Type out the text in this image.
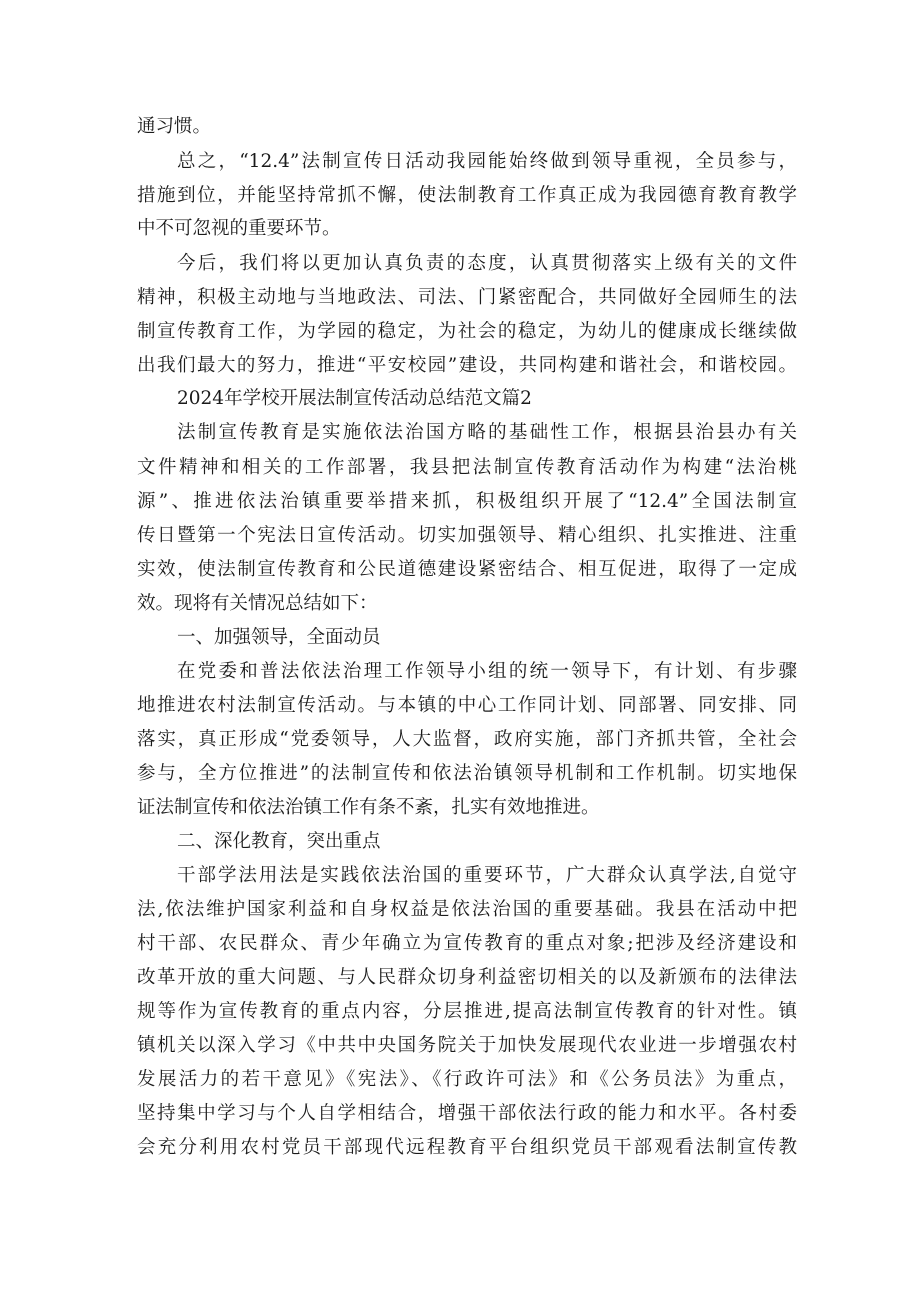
通习惯。
总之，“12.4”法制宣传日活动我园能始终做到领导重视，全员参与，
措施到位，并能坚持常抓不懈，使法制教育工作真正成为我园德育教育教学
中不可忽视的重要环节。
今后，我们将以更加认真负责的态度，认真贯彻落实上级有关的文件
精神，积极主动地与当地政法、司法、门紧密配合，共同做好全园师生的法
制宣传教育工作，为学园的稳定，为社会的稳定，为幼儿的健康成长继续做
出我们最大的努力，推进“平安校园”建设，共同构建和谐社会，和谐校园。
2024年学校开展法制宣传活动总结范文篇2
法制宣传教育是实施依法治国方略的基础性工作，根据县治县办有关
文件精神和相关的工作部署，我县把法制宣传教育活动作为构建“法治桃
源”、推进依法治镇重要举措来抓，积极组织开展了“12.4”全国法制宣
传日暨第一个宪法日宣传活动。切实加强领导、精心组织、扎实推进、注重
实效，使法制宣传教育和公民道德建设紧密结合、相互促进，取得了一定成
效。现将有关情况总结如下：
一、加强领导，全面动员
在党委和普法依法治理工作领导小组的统一领导下，有计划、有步骤
地推进农村法制宣传活动。与本镇的中心工作同计划、同部署、同安排、同
落实，真正形成“党委领导，人大监督，政府实施，部门齐抓共管，全社会
参与，全方位推进”的法制宣传和依法治镇领导机制和工作机制。切实地保
证法制宣传和依法治镇工作有条不紊，扎实有效地推进。
二、深化教育，突出重点
干部学法用法是实践依法治国的重要环节，广大群众认真学法,自觉守
法,依法维护国家利益和自身权益是依法治国的重要基础。我县在活动中把
村干部、农民群众、青少年确立为宣传教育的重点对象;把涉及经济建设和
改革开放的重大问题、与人民群众切身利益密切相关的以及新颁布的法律法
规等作为宣传教育的重点内容，分层推进,提高法制宣传教育的针对性。镇
镇机关以深入学习《中共中央国务院关于加快发展现代农业进一步增强农村
发展活力的若干意见》《宪法》、《行政许可法》和《公务员法》为重点，
坚持集中学习与个人自学相结合，增强干部依法行政的能力和水平。各村委
会充分利用农村党员干部现代远程教育平台组织党员干部观看法制宣传教
